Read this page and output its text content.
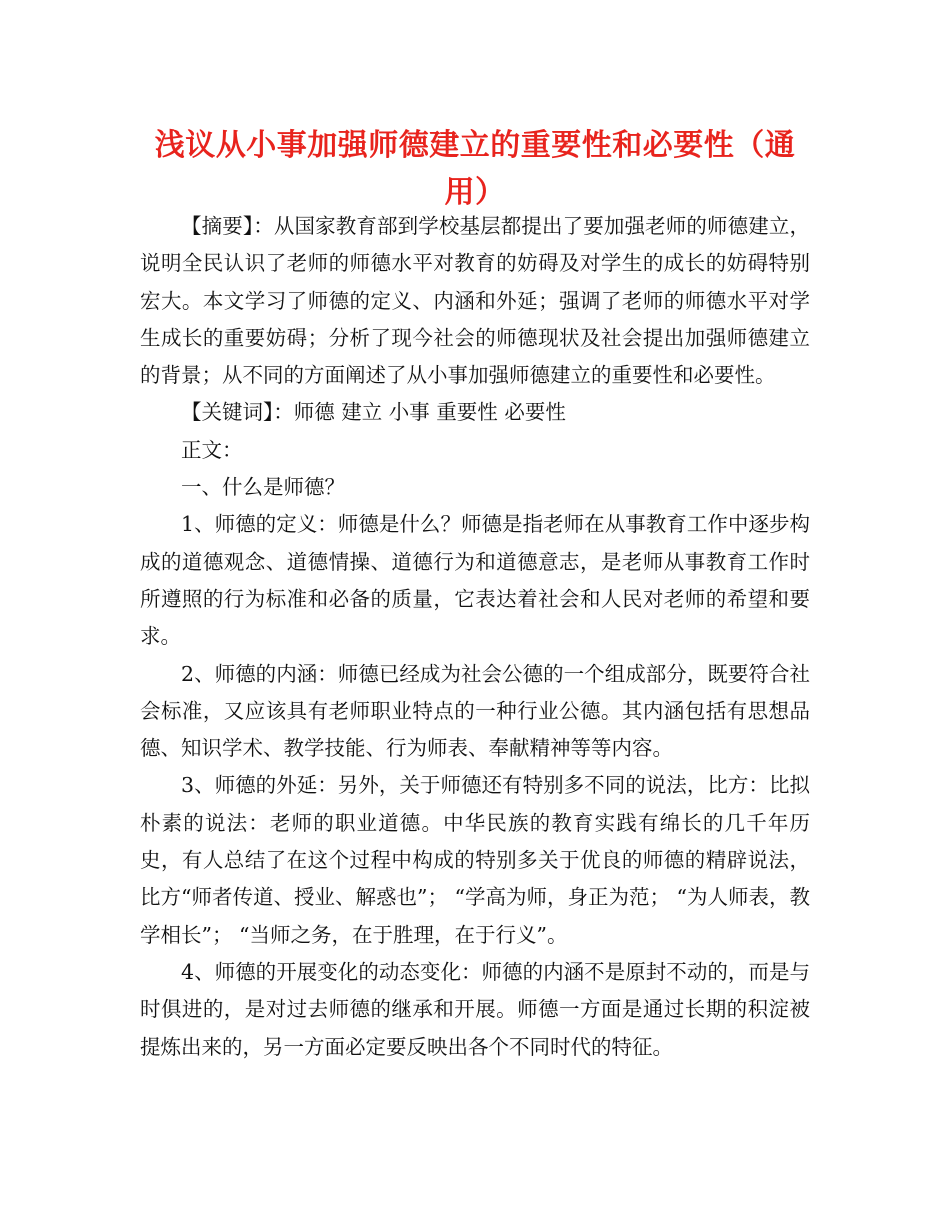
浅议从小事加强师德建立的重要性和必要性（通用）

【摘要】：从国家教育部到学校基层都提出了要加强老师的师德建立，说明全民认识了老师的师德水平对教育的妨碍及对学生的成长的妨碍特别宏大。本文学习了师德的定义、内涵和外延；强调了老师的师德水平对学生成长的重要妨碍；分析了现今社会的师德现状及社会提出加强师德建立的背景；从不同的方面阐述了从小事加强师德建立的重要性和必要性。

【关键词】：师德 建立 小事 重要性 必要性

正文：

一、什么是师德？

1、师德的定义：师德是什么？师德是指老师在从事教育工作中逐步构成的道德观念、道德情操、道德行为和道德意志，是老师从事教育工作时所遵照的行为标准和必备的质量，它表达着社会和人民对老师的希望和要求。

2、师德的内涵：师德已经成为社会公德的一个组成部分，既要符合社会标准，又应该具有老师职业特点的一种行业公德。其内涵包括有思想品德、知识学术、教学技能、行为师表、奉献精神等等内容。

3、师德的外延：另外，关于师德还有特别多不同的说法，比方：比拟朴素的说法：老师的职业道德。中华民族的教育实践有绵长的几千年历史，有人总结了在这个过程中构成的特别多关于优良的师德的精辟说法，比方“师者传道、授业、解惑也”； “学高为师，身正为范； “为人师表，教学相长”； “当师之务，在于胜理，在于行义”。

4、师德的开展变化的动态变化：师德的内涵不是原封不动的，而是与时俱进的，是对过去师德的继承和开展。师德一方面是通过长期的积淀被提炼出来的，另一方面必定要反映出各个不同时代的特征。
